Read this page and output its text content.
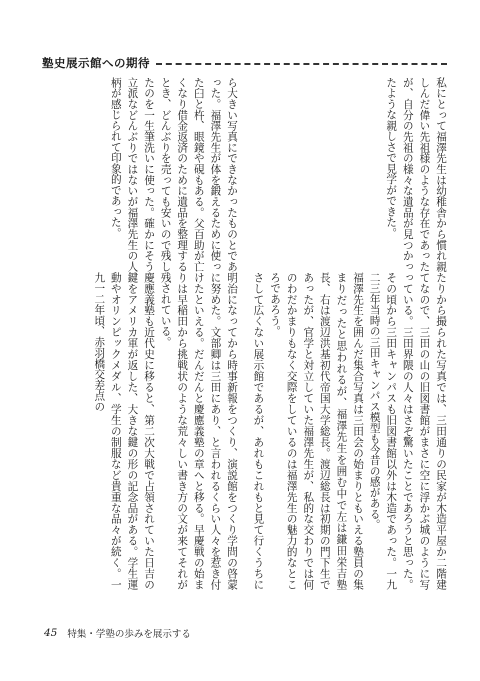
塾史展示館への期待

私にとって福澤先生は幼稚舎から慣れ親しんだ偉い先祖様のような存在であったが、自分の先祖の様々な遺品が見つかったような親しさで見学ができた。

ら大きい写真にできなかったものとであった。福澤先生が体を鍛えるために使った臼と杵、眼鏡や硯もある。父百助が亡くなり借金返済のために遺品を整理するとき、どんぶりを売っても安いので残したのを一生筆洗いに使った。確かにそう立派などんぶりではないが福澤先生の人柄が感じられて印象的であった。

たりから撮られた写真では、三田通りの民家が木造平屋か二階建てなので、三田の山の旧図書館がまさに空に浮かぶ城のように写っている。三田界隈の人々はさぞ驚いたことであろうと思った。その頃から三田キャンパスも旧図書館以外は木造であった。一九二三年当時の三田キャンパス模型も今昔の感がある。

福澤先生を囲んだ集合写真は三田会の始まりともいえる塾員の集まりだったと思われるが、福澤先生を囲む中で左は鎌田栄吉塾長、右は渡辺洪基初代帝国大学総長。渡辺総長は初期の門下生であったが、官学と対立していた福澤先生が、私的な交わりでは何のわだかまりもなく交際をしているのは福澤先生の魅力的なところであろう。

さして広くない展示館であるが、あれもこれもと見て行くうちに

明治になってから時事新報をつくり、演説館をつくり学問の啓蒙に努めた。文部卿は三田にあり、と言われるくらい人々を惹き付けたといえる。だんだんと慶應義塾の章へと移る。早慶戦の始まりは早稲田から挑戦状のような荒々しい書き方の文が来てそれが残されている。

慶應義塾も近代史に移ると、第二次大戦で占領されていた日吉の鍵をアメリカ軍が返した、大きな鍵の形の記念品がある。学生運動やオリンピックメダル、学生の制服など貴重な品々が続く。一九一二年頃、赤羽橋交差点の

45 特集・学塾の歩みを展示する
